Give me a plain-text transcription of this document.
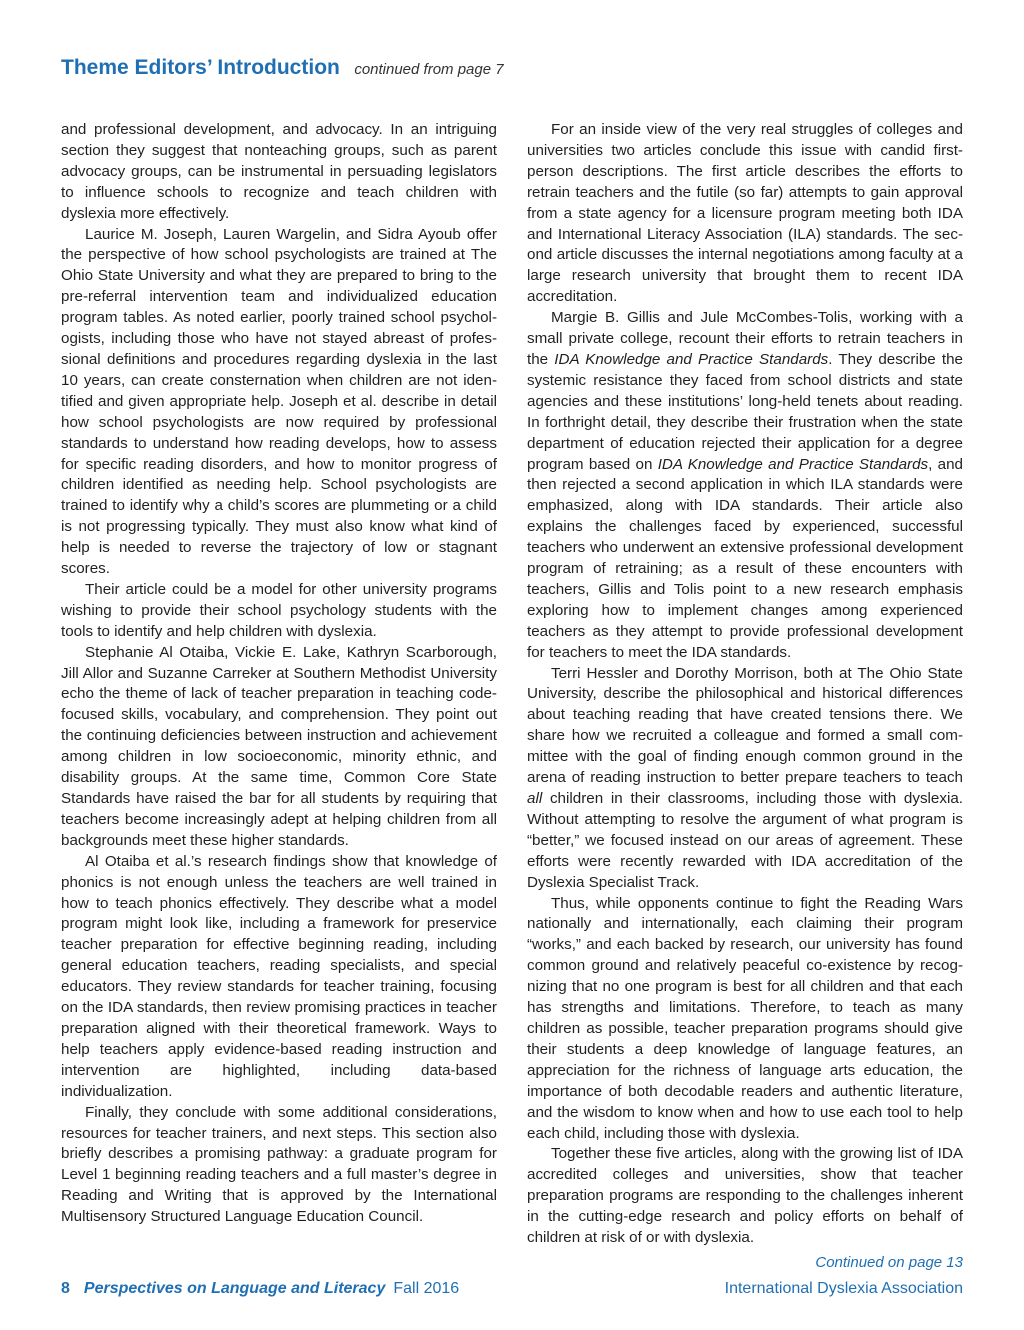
Theme Editors’ Introduction continued from page 7

and professional development, and advocacy. In an intriguing section they suggest that nonteaching groups, such as parent advocacy groups, can be instrumental in persuading legislators to influence schools to recognize and teach children with dyslexia more effectively.

Laurice M. Joseph, Lauren Wargelin, and Sidra Ayoub offer the perspective of how school psychologists are trained at The Ohio State University and what they are prepared to bring to the pre-referral intervention team and individualized education program tables. As noted earlier, poorly trained school psychologists, including those who have not stayed abreast of professional definitions and procedures regarding dyslexia in the last 10 years, can create consternation when children are not identified and given appropriate help. Joseph et al. describe in detail how school psychologists are now required by professional standards to understand how reading develops, how to assess for specific reading disorders, and how to monitor progress of children identified as needing help. School psychologists are trained to identify why a child’s scores are plummeting or a child is not progressing typically. They must also know what kind of help is needed to reverse the trajectory of low or stagnant scores.

Their article could be a model for other university programs wishing to provide their school psychology students with the tools to identify and help children with dyslexia.

Stephanie Al Otaiba, Vickie E. Lake, Kathryn Scarborough, Jill Allor and Suzanne Carreker at Southern Methodist University echo the theme of lack of teacher preparation in teaching code-focused skills, vocabulary, and comprehension. They point out the continuing deficiencies between instruction and achievement among children in low socioeconomic, minority ethnic, and disability groups. At the same time, Common Core State Standards have raised the bar for all students by requiring that teachers become increasingly adept at helping children from all backgrounds meet these higher standards.

Al Otaiba et al.’s research findings show that knowledge of phonics is not enough unless the teachers are well trained in how to teach phonics effectively. They describe what a model program might look like, including a framework for preservice teacher preparation for effective beginning reading, including general education teachers, reading specialists, and special educators. They review standards for teacher training, focusing on the IDA standards, then review promising practices in teacher preparation aligned with their theoretical framework. Ways to help teachers apply evidence-based reading instruction and intervention are highlighted, including data-based individualization.

Finally, they conclude with some additional considerations, resources for teacher trainers, and next steps. This section also briefly describes a promising pathway: a graduate program for Level 1 beginning reading teachers and a full master’s degree in Reading and Writing that is approved by the International Multisensory Structured Language Education Council.

For an inside view of the very real struggles of colleges and universities two articles conclude this issue with candid first-person descriptions. The first article describes the efforts to retrain teachers and the futile (so far) attempts to gain approval from a state agency for a licensure program meeting both IDA and International Literacy Association (ILA) standards. The second article discusses the internal negotiations among faculty at a large research university that brought them to recent IDA accreditation.

Margie B. Gillis and Jule McCombes-Tolis, working with a small private college, recount their efforts to retrain teachers in the IDA Knowledge and Practice Standards. They describe the systemic resistance they faced from school districts and state agencies and these institutions’ long-held tenets about reading. In forthright detail, they describe their frustration when the state department of education rejected their application for a degree program based on IDA Knowledge and Practice Standards, and then rejected a second application in which ILA standards were emphasized, along with IDA standards. Their article also explains the challenges faced by experienced, successful teachers who underwent an extensive professional development program of retraining; as a result of these encounters with teachers, Gillis and Tolis point to a new research emphasis exploring how to implement changes among experienced teachers as they attempt to provide professional development for teachers to meet the IDA standards.

Terri Hessler and Dorothy Morrison, both at The Ohio State University, describe the philosophical and historical differences about teaching reading that have created tensions there. We share how we recruited a colleague and formed a small committee with the goal of finding enough common ground in the arena of reading instruction to better prepare teachers to teach all children in their classrooms, including those with dyslexia. Without attempting to resolve the argument of what program is “better,” we focused instead on our areas of agreement. These efforts were recently rewarded with IDA accreditation of the Dyslexia Specialist Track.

Thus, while opponents continue to fight the Reading Wars nationally and internationally, each claiming their program “works,” and each backed by research, our university has found common ground and relatively peaceful co-existence by recognizing that no one program is best for all children and that each has strengths and limitations. Therefore, to teach as many children as possible, teacher preparation programs should give their students a deep knowledge of language features, an appreciation for the richness of language arts education, the importance of both decodable readers and authentic literature, and the wisdom to know when and how to use each tool to help each child, including those with dyslexia.

Together these five articles, along with the growing list of IDA accredited colleges and universities, show that teacher preparation programs are responding to the challenges inherent in the cutting-edge research and policy efforts on behalf of children at risk of or with dyslexia.

Continued on page 13
8 Perspectives on Language and Literacy Fall 2016	International Dyslexia Association
